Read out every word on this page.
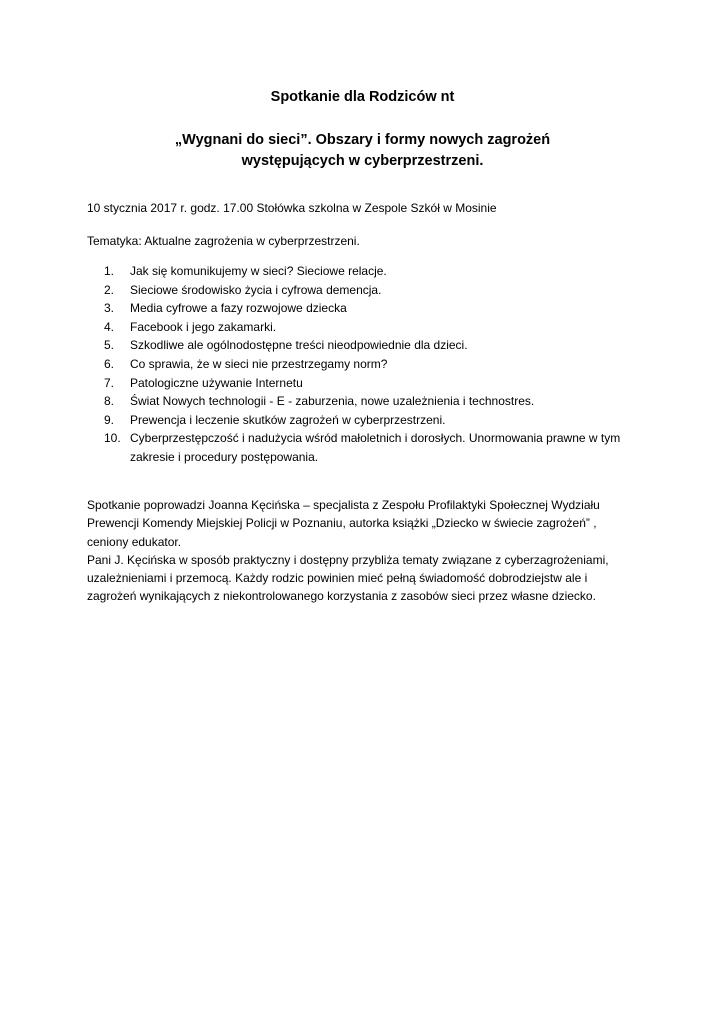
Spotkanie dla Rodziców nt
„Wygnani do sieci”. Obszary i formy nowych zagrożeń
występujących w cyberprzestrzeni.

10 stycznia 2017 r. godz. 17.00 Stołówka szkolna w Zespole Szkół w Mosinie

Tematyka: Aktualne zagrożenia w cyberprzestrzeni.

1. Jak się komunikujemy w sieci? Sieciowe relacje.
2. Sieciowe środowisko życia i cyfrowa demencja.
3. Media cyfrowe a fazy rozwojowe dziecka
4. Facebook i jego zakamarki.
5. Szkodliwe ale ogólnodostępne treści nieodpowiednie dla dzieci.
6. Co sprawia, że w sieci nie przestrzegamy norm?
7. Patologiczne używanie Internetu
8. Świat Nowych technologii - E - zaburzenia, nowe uzależnienia i technostres.
9. Prewencja i leczenie skutków zagrożeń w cyberprzestrzeni.
10. Cyberprzestępczość i nadużycia wśród małoletnich i dorosłych. Unormowania prawne w tym
zakresie i procedury postępowania.
Spotkanie poprowadzi Joanna Kęcińska – specjalista z Zespołu Profilaktyki Społecznej Wydziału
Prewencji Komendy Miejskiej Policji w Poznaniu, autorka książki „Dziecko w świecie zagrożeń” ,
ceniony edukator.
Pani J. Kęcińska w sposób praktyczny i dostępny przybliża tematy związane z cyberzagrożeniami,
uzależnieniami i przemocą. Każdy rodzic powinien mieć pełną świadomość dobrodziejstw ale i
zagrożeń wynikających z niekontrolowanego korzystania z zasobów sieci przez własne dziecko.
